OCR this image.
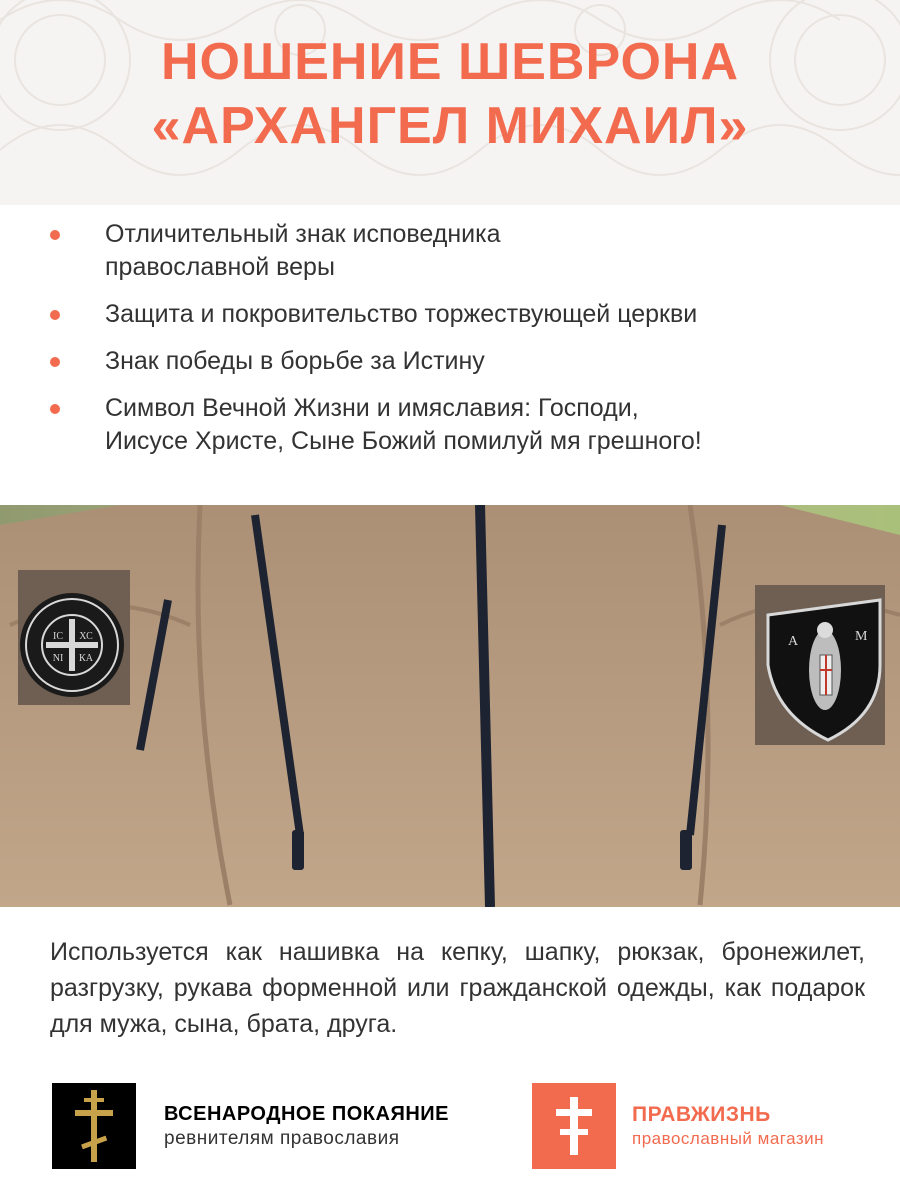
НОШЕНИЕ ШЕВРОНА
«АРХАНГЕЛ МИХАИЛ»
Отличительный знак исповедника
православной веры
Защита и покровительство торжествующей церкви
Знак победы в борьбе за Истину
Символ Вечной Жизни и имяславия: Господи,
Иисусе Христе, Сыне Божий помилуй мя грешного!
IC ХС
NI КА
А	М
Используется как нашивка на кепку, шапку, рюкзак, бронежилет, разгрузку, рукава форменной или гражданской одежды, как подарок для мужа, сына, брата, друга.
ВСЕНАРОДНОЕ ПОКАЯНИЕ
ревнителям православия
ПРАВЖИЗНЬ
православный магазин
